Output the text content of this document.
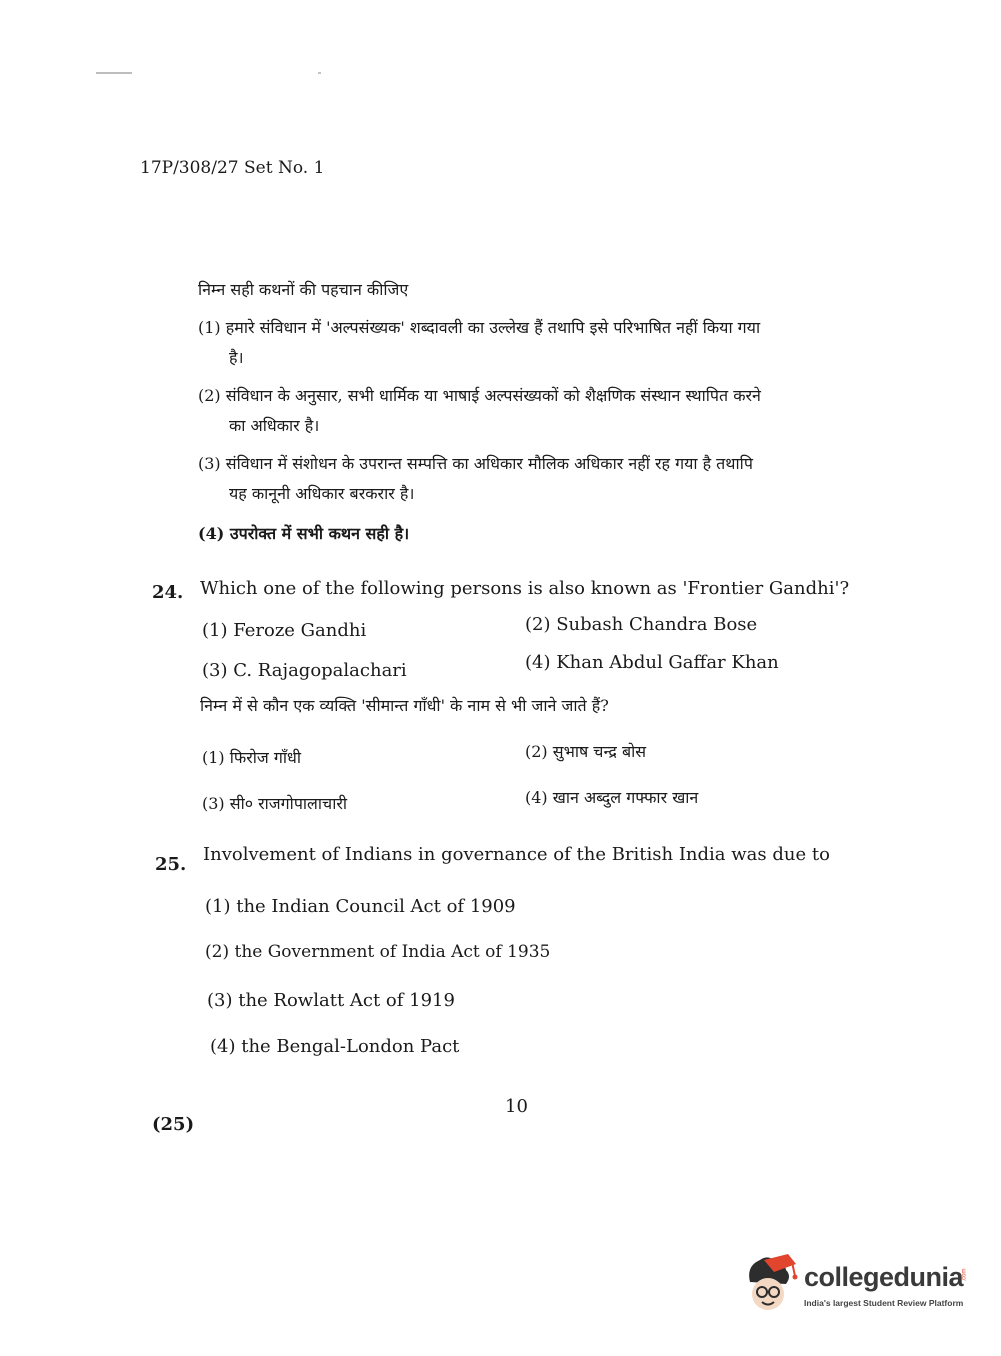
17P/308/27 Set No. 1
निम्न सही कथनों की पहचान कीजिए
(1) हमारे संविधान में 'अल्पसंख्यक' शब्दावली का उल्लेख हैं तथापि इसे परिभाषित नहीं किया गया
है।
(2) संविधान के अनुसार, सभी धार्मिक या भाषाई अल्पसंख्यकों को शैक्षणिक संस्थान स्थापित करने
का अधिकार है।
(3) संविधान में संशोधन के उपरान्त सम्पत्ति का अधिकार मौलिक अधिकार नहीं रह गया है तथापि
यह कानूनी अधिकार बरकरार है।
(4) उपरोक्त में सभी कथन सही है।
24. Which one of the following persons is also known as 'Frontier Gandhi'?
(1) Feroze Gandhi	(2) Subash Chandra Bose
(3) C. Rajagopalachari	(4) Khan Abdul Gaffar Khan
निम्न में से कौन एक व्यक्ति 'सीमान्त गाँधी' के नाम से भी जाने जाते हैं?
(1) फिरोज गाँधी	(2) सुभाष चन्द्र बोस
(3) सी० राजगोपालाचारी	(4) खान अब्दुल गफ्फार खान
25. Involvement of Indians in governance of the British India was due to
(1) the Indian Council Act of 1909
(2) the Government of India Act of 1935
(3) the Rowlatt Act of 1919
(4) the Bengal-London Pact
10
(25)
collegedunia
.com
India's largest Student Review Platform
